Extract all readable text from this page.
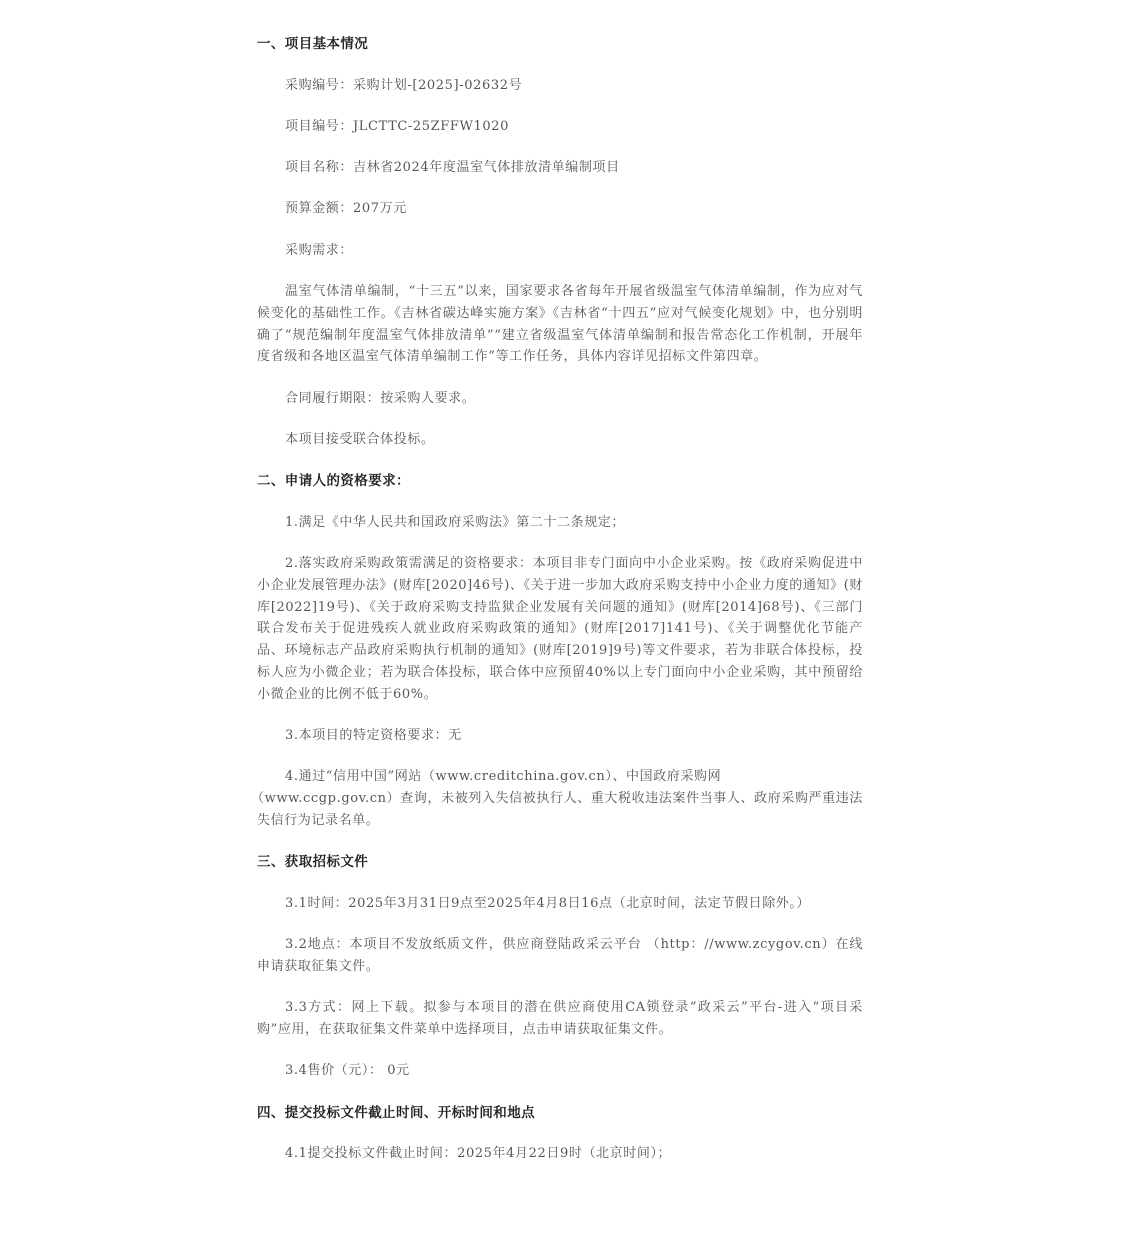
一、项目基本情况
采购编号：采购计划-[2025]-02632号
项目编号：JLCTTC-25ZFFW1020
项目名称：吉林省2024年度温室气体排放清单编制项目
预算金额：207万元
采购需求：
温室气体清单编制，“十三五”以来，国家要求各省每年开展省级温室气体清单编制，作为应对气候变化的基础性工作。《吉林省碳达峰实施方案》《吉林省“十四五”应对气候变化规划》中，也分别明确了“规范编制年度温室气体排放清单”“建立省级温室气体清单编制和报告常态化工作机制，开展年度省级和各地区温室气体清单编制工作”等工作任务，具体内容详见招标文件第四章。
合同履行期限：按采购人要求。
本项目接受联合体投标。
二、申请人的资格要求：
1.满足《中华人民共和国政府采购法》第二十二条规定；
2.落实政府采购政策需满足的资格要求：本项目非专门面向中小企业采购。按《政府采购促进中小企业发展管理办法》(财库[2020]46号)、《关于进一步加大政府采购支持中小企业力度的通知》(财库[2022]19号)、《关于政府采购支持监狱企业发展有关问题的通知》(财库[2014]68号)、《三部门联合发布关于促进残疾人就业政府采购政策的通知》(财库[2017]141号)、《关于调整优化节能产品、环境标志产品政府采购执行机制的通知》(财库[2019]9号)等文件要求，若为非联合体投标，投标人应为小微企业；若为联合体投标，联合体中应预留40%以上专门面向中小企业采购，其中预留给小微企业的比例不低于60%。
3.本项目的特定资格要求：无
4.通过“信用中国”网站（www.creditchina.gov.cn）、中国政府采购网
（www.ccgp.gov.cn）查询，未被列入失信被执行人、重大税收违法案件当事人、政府采购严重违法失信行为记录名单。
三、获取招标文件
3.1时间：2025年3月31日9点至2025年4月8日16点（北京时间，法定节假日除外。）
3.2地点：本项目不发放纸质文件，供应商登陆政采云平台 （http：//www.zcygov.cn）在线申请获取征集文件。
3.3方式：网上下载。拟参与本项目的潜在供应商使用CA锁登录“政采云”平台-进入“项目采购”应用，在获取征集文件菜单中选择项目，点击申请获取征集文件。
3.4售价（元）： 0元
四、提交投标文件截止时间、开标时间和地点
4.1提交投标文件截止时间：2025年4月22日9时（北京时间）；
